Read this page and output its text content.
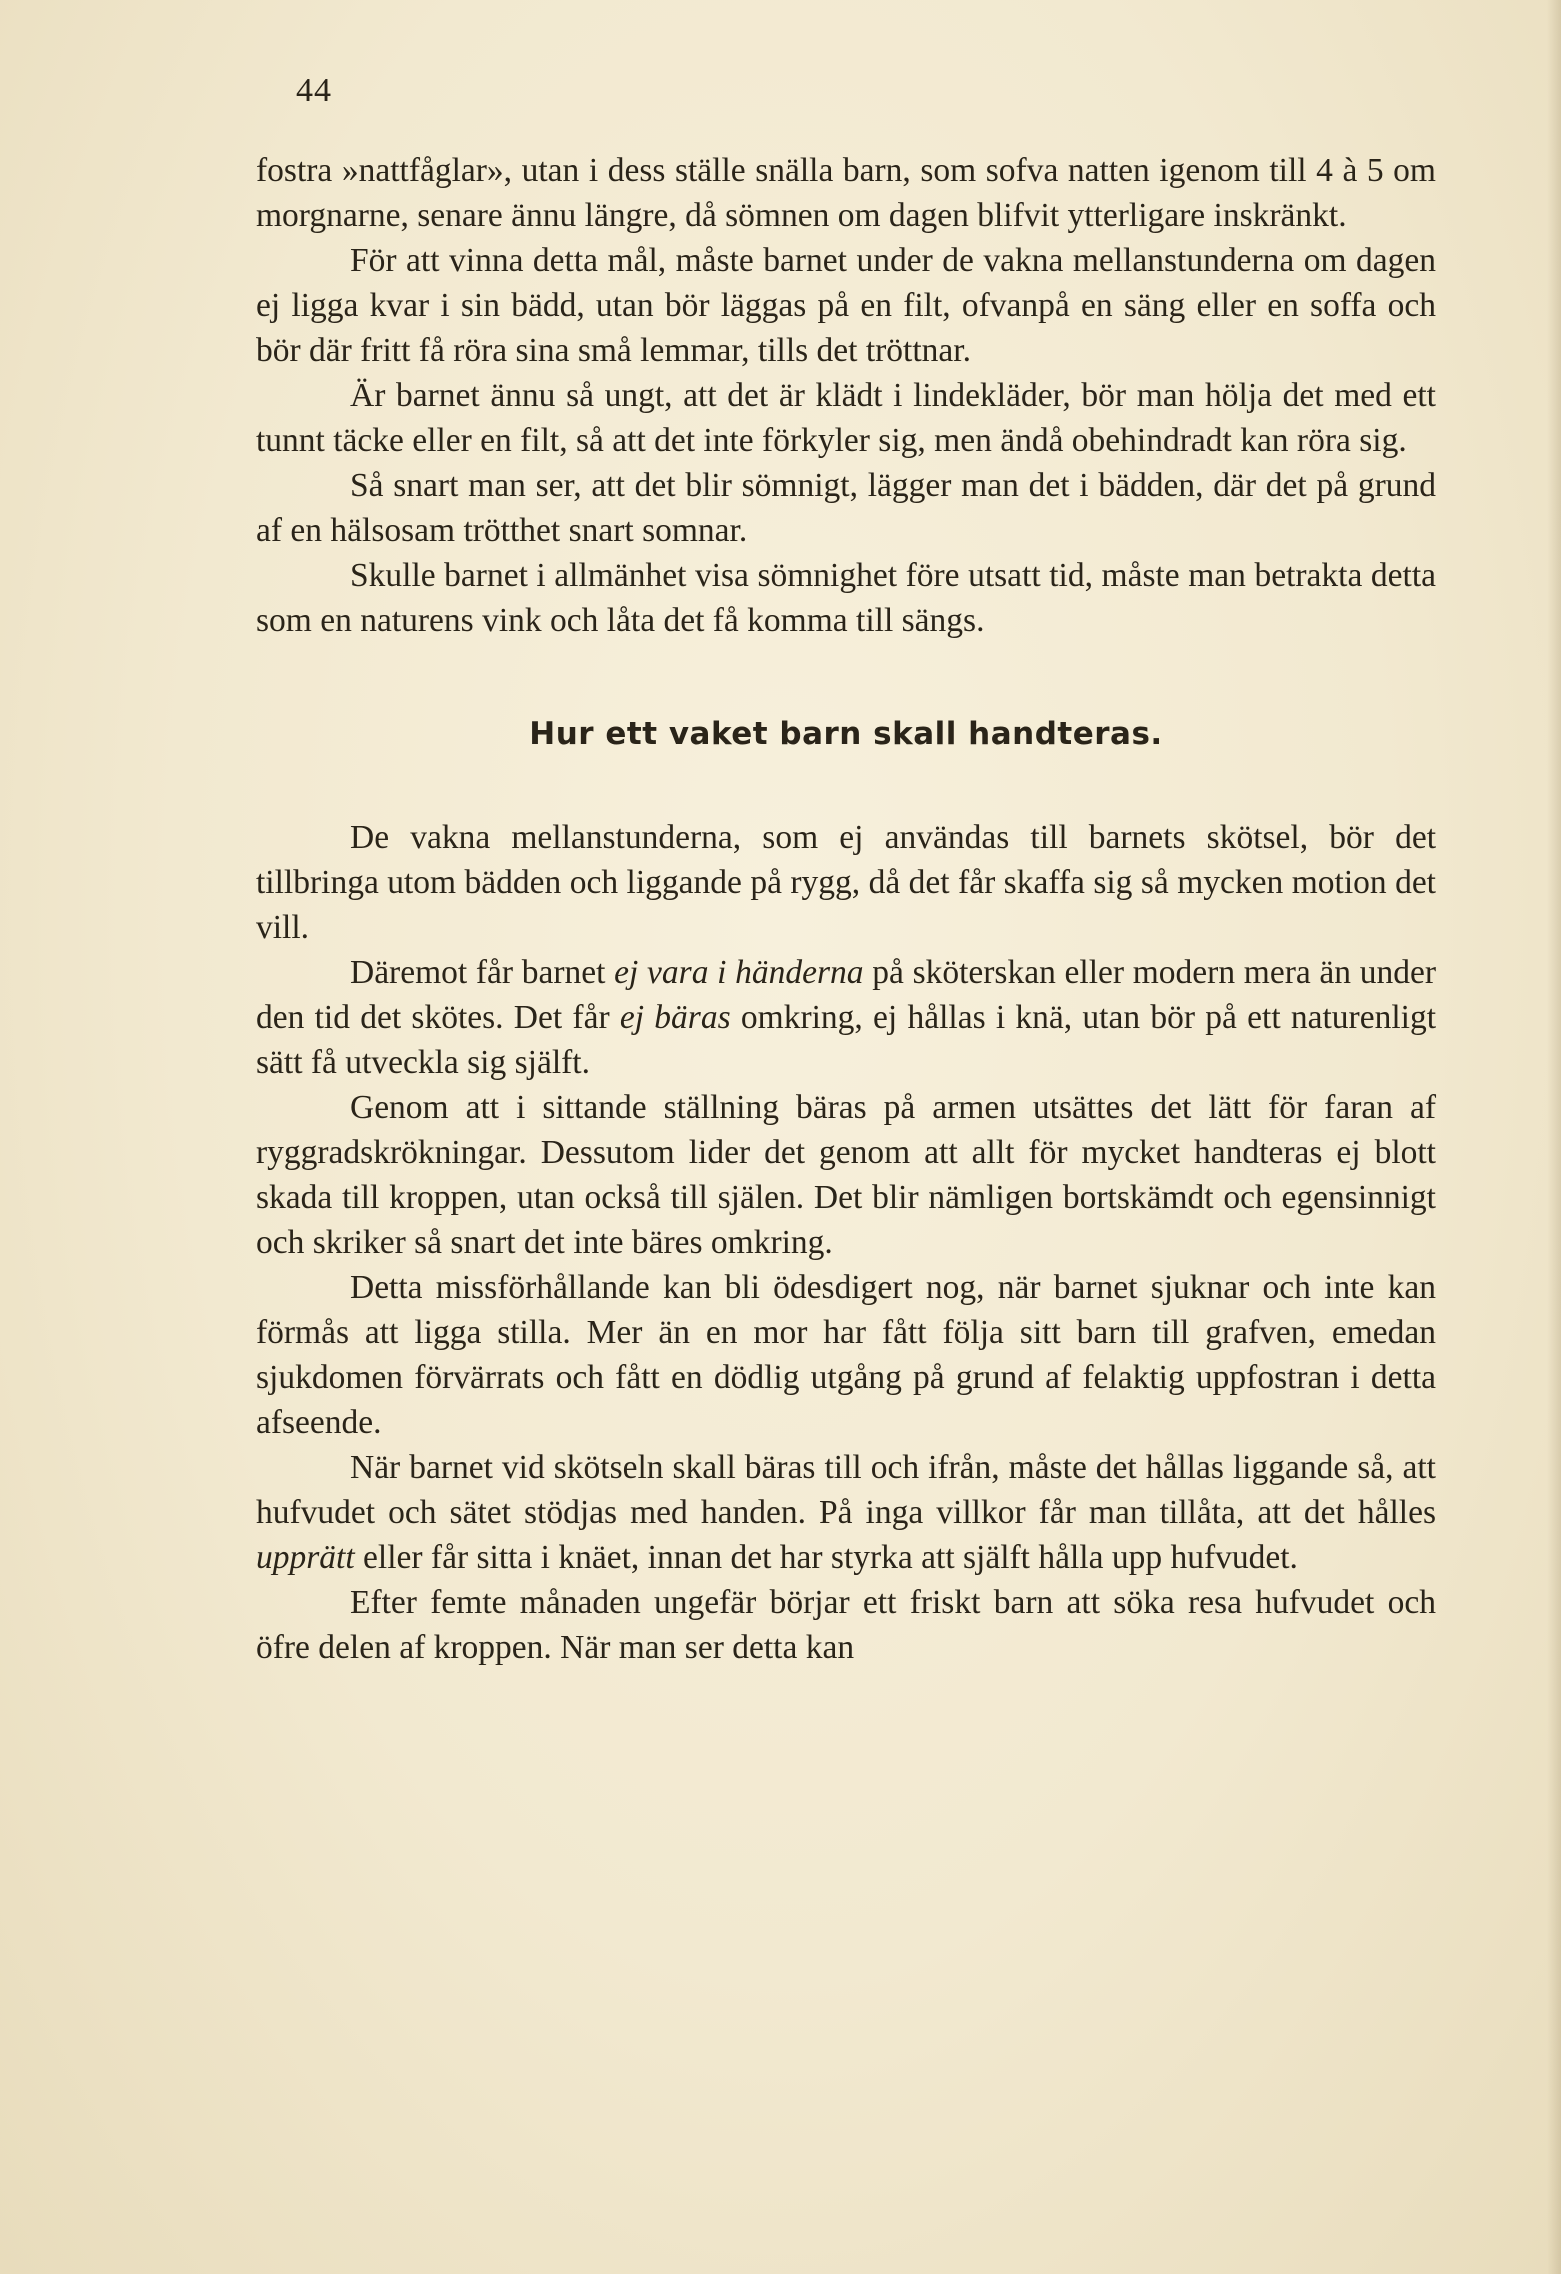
44

fostra »nattfåglar», utan i dess ställe snälla barn, som sofva natten igenom till 4 à 5 om morgnarne, senare ännu längre, då sömnen om dagen blifvit ytterligare inskränkt.

För att vinna detta mål, måste barnet under de vakna mellanstunderna om dagen ej ligga kvar i sin bädd, utan bör läggas på en filt, ofvanpå en säng eller en soffa och bör där fritt få röra sina små lemmar, tills det tröttnar.

Är barnet ännu så ungt, att det är klädt i lindekläder, bör man hölja det med ett tunnt täcke eller en filt, så att det inte förkyler sig, men ändå obehindradt kan röra sig.

Så snart man ser, att det blir sömnigt, lägger man det i bädden, där det på grund af en hälsosam trötthet snart somnar.

Skulle barnet i allmänhet visa sömnighet före utsatt tid, måste man betrakta detta som en naturens vink och låta det få komma till sängs.

Hur ett vaket barn skall handteras.

De vakna mellanstunderna, som ej användas till barnets skötsel, bör det tillbringa utom bädden och liggande på rygg, då det får skaffa sig så mycken motion det vill.

Däremot får barnet ej vara i händerna på sköterskan eller modern mera än under den tid det skötes. Det får ej bäras omkring, ej hållas i knä, utan bör på ett naturenligt sätt få utveckla sig själft.

Genom att i sittande ställning bäras på armen utsättes det lätt för faran af ryggradskrökningar. Dessutom lider det genom att allt för mycket handteras ej blott skada till kroppen, utan också till själen. Det blir nämligen bortskämdt och egensinnigt och skriker så snart det inte bäres omkring.

Detta missförhållande kan bli ödesdigert nog, när barnet sjuknar och inte kan förmås att ligga stilla. Mer än en mor har fått följa sitt barn till grafven, emedan sjukdomen förvärrats och fått en dödlig utgång på grund af felaktig uppfostran i detta afseende.

När barnet vid skötseln skall bäras till och ifrån, måste det hållas liggande så, att hufvudet och sätet stödjas med handen. På inga villkor får man tillåta, att det hålles upprätt eller får sitta i knäet, innan det har styrka att själft hålla upp hufvudet.

Efter femte månaden ungefär börjar ett friskt barn att söka resa hufvudet och öfre delen af kroppen. När man ser detta kan
